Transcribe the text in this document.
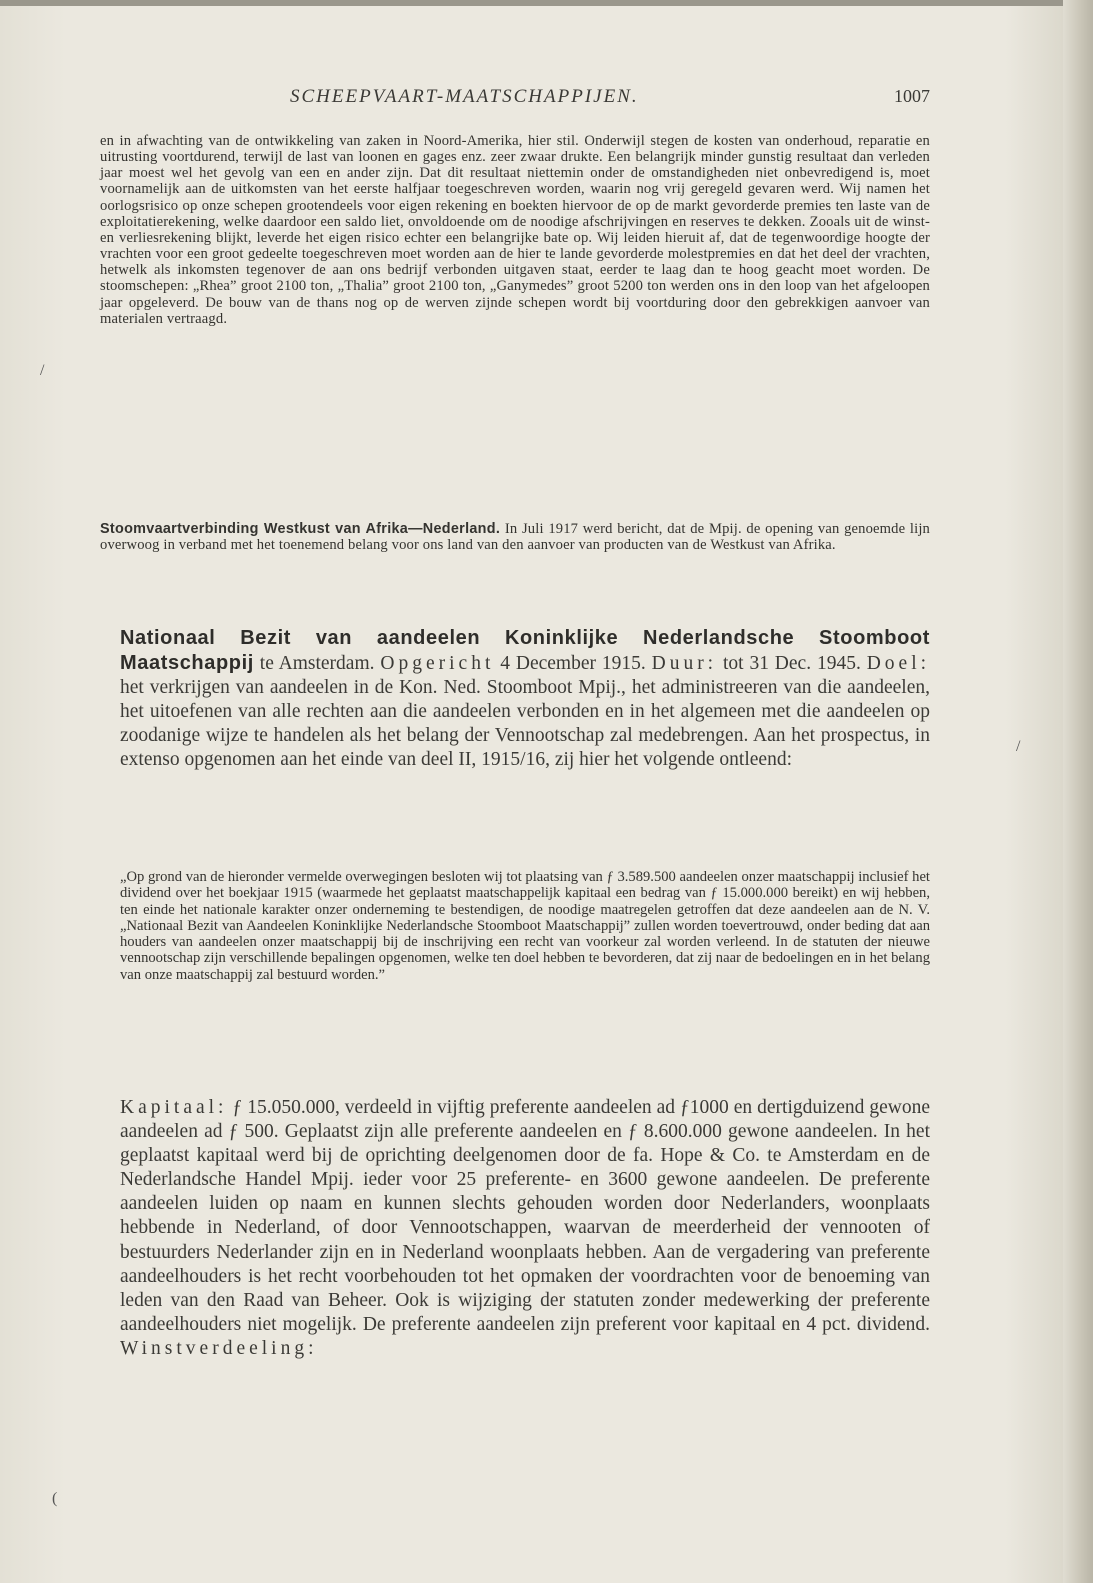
SCHEEPVAART-MAATSCHAPPIJEN.	1007
en in afwachting van de ontwikkeling van zaken in Noord-Amerika, hier stil. Onderwijl stegen de kosten van onderhoud, reparatie en uitrusting voortdurend, terwijl de last van loonen en gages enz. zeer zwaar drukte. Een belangrijk minder gunstig resultaat dan verleden jaar moest wel het gevolg van een en ander zijn. Dat dit resultaat niettemin onder de omstandigheden niet onbevredigend is, moet voornamelijk aan de uitkomsten van het eerste halfjaar toegeschreven worden, waarin nog vrij geregeld gevaren werd. Wij namen het oorlogsrisico op onze schepen grootendeels voor eigen rekening en boekten hiervoor de op de markt gevorderde premies ten laste van de exploitatierekening, welke daardoor een saldo liet, onvoldoende om de noodige afschrijvingen en reserves te dekken. Zooals uit de winst- en verliesrekening blijkt, leverde het eigen risico echter een belangrijke bate op. Wij leiden hieruit af, dat de tegenwoordige hoogte der vrachten voor een groot gedeelte toegeschreven moet worden aan de hier te lande gevorderde molestpremies en dat het deel der vrachten, hetwelk als inkomsten tegenover de aan ons bedrijf verbonden uitgaven staat, eerder te laag dan te hoog geacht moet worden. De stoomschepen: „Rhea” groot 2100 ton, „Thalia” groot 2100 ton, „Ganymedes” groot 5200 ton werden ons in den loop van het afgeloopen jaar opgeleverd. De bouw van de thans nog op de werven zijnde schepen wordt bij voortduring door den gebrekkigen aanvoer van materialen vertraagd.
Stoomvaartverbinding Westkust van Afrika—Nederland. In Juli 1917 werd bericht, dat de Mpij. de opening van genoemde lijn overwoog in verband met het toenemend belang voor ons land van den aanvoer van producten van de Westkust van Afrika.
Nationaal Bezit van aandeelen Koninklijke Nederlandsche Stoomboot Maatschappij te Amsterdam. Opgericht 4 December 1915. Duur: tot 31 Dec. 1945. Doel: het verkrijgen van aandeelen in de Kon. Ned. Stoomboot Mpij., het administreeren van die aandeelen, het uitoefenen van alle rechten aan die aandeelen verbonden en in het algemeen met die aandeelen op zoodanige wijze te handelen als het belang der Vennootschap zal medebrengen. Aan het prospectus, in extenso opgenomen aan het einde van deel II, 1915/16, zij hier het volgende ontleend:
„Op grond van de hieronder vermelde overwegingen besloten wij tot plaatsing van ƒ 3.589.500 aandeelen onzer maatschappij inclusief het dividend over het boekjaar 1915 (waarmede het geplaatst maatschappelijk kapitaal een bedrag van ƒ 15.000.000 bereikt) en wij hebben, ten einde het nationale karakter onzer onderneming te bestendigen, de noodige maatregelen getroffen dat deze aandeelen aan de N. V. „Nationaal Bezit van Aandeelen Koninklijke Nederlandsche Stoomboot Maatschappij” zullen worden toevertrouwd, onder beding dat aan houders van aandeelen onzer maatschappij bij de inschrijving een recht van voorkeur zal worden verleend. In de statuten der nieuwe vennootschap zijn verschillende bepalingen opgenomen, welke ten doel hebben te bevorderen, dat zij naar de bedoelingen en in het belang van onze maatschappij zal bestuurd worden.”
Kapitaal: ƒ 15.050.000, verdeeld in vijftig preferente aandeelen ad ƒ1000 en dertigduizend gewone aandeelen ad ƒ 500. Geplaatst zijn alle preferente aandeelen en ƒ 8.600.000 gewone aandeelen. In het geplaatst kapitaal werd bij de oprichting deelgenomen door de fa. Hope & Co. te Amsterdam en de Nederlandsche Handel Mpij. ieder voor 25 preferente- en 3600 gewone aandeelen. De preferente aandeelen luiden op naam en kunnen slechts gehouden worden door Nederlanders, woonplaats hebbende in Nederland, of door Vennootschappen, waarvan de meerderheid der vennooten of bestuurders Nederlander zijn en in Nederland woonplaats hebben. Aan de vergadering van preferente aandeelhouders is het recht voorbehouden tot het opmaken der voordrachten voor de benoeming van leden van den Raad van Beheer. Ook is wijziging der statuten zonder medewerking der preferente aandeelhouders niet mogelijk. De preferente aandeelen zijn preferent voor kapitaal en 4 pct. dividend. Winstverdeeling:
/
/
(
